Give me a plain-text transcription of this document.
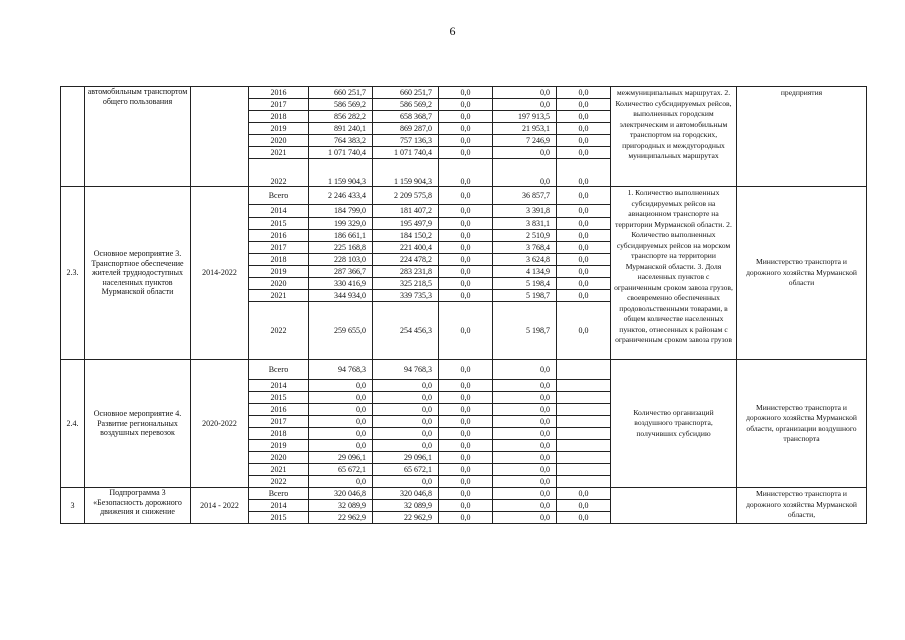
6
	автомобильным транспортом общего пользования		2016	660 251,7	660 251,7	0,0	0,0	0,0	межмуниципальных маршрутах. 2. Количество субсидируемых рейсов, выполненных городским электрическим и автомобильным транспортом на городских, пригородных и междугородных муниципальных маршрутах	предприятия
			2017	586 569,2	586 569,2	0,0	0,0	0,0		
			2018	856 282,2	658 368,7	0,0	197 913,5	0,0		
			2019	891 240,1	869 287,0	0,0	21 953,1	0,0		
			2020	764 383,2	757 136,3	0,0	7 246,9	0,0		
			2021	1 071 740,4	1 071 740,4	0,0	0,0	0,0		
			2022	1 159 904,3	1 159 904,3	0,0	0,0	0,0		
2.3.	Основное мероприятие 3. Транспортное обеспечение жителей труднодоступных населенных пунктов Мурманской области	2014-2022	Всего	2 246 433,4	2 209 575,8	0,0	36 857,7	0,0	1. Количество выполненных субсидируемых рейсов на авиационном транспорте на территории Мурманской области. 2. Количество выполненных субсидируемых рейсов на морском транспорте на территории Мурманской области. 3. Доля населенных пунктов с ограниченным сроком завоза грузов, своевременно обеспеченных продовольственными товарами, в общем количестве населенных пунктов, отнесенных к районам с ограниченным сроком завоза грузов	Министерство транспорта и дорожного хозяйства Мурманской области
			2014	184 799,0	181 407,2	0,0	3 391,8	0,0		
			2015	199 329,0	195 497,9	0,0	3 831,1	0,0		
			2016	186 661,1	184 150,2	0,0	2 510,9	0,0		
			2017	225 168,8	221 400,4	0,0	3 768,4	0,0		
			2018	228 103,0	224 478,2	0,0	3 624,8	0,0		
			2019	287 366,7	283 231,8	0,0	4 134,9	0,0		
			2020	330 416,9	325 218,5	0,0	5 198,4	0,0		
			2021	344 934,0	339 735,3	0,0	5 198,7	0,0		
			2022	259 655,0	254 456,3	0,0	5 198,7	0,0		
2.4.	Основное мероприятие 4. Развитие региональных воздушных перевозок	2020-2022	Всего	94 768,3	94 768,3	0,0	0,0		Количество организаций воздушного транспорта, получивших субсидию	Министерство транспорта и дорожного хозяйства Мурманской области, организации воздушного транспорта
			2014	0,0	0,0	0,0	0,0			
			2015	0,0	0,0	0,0	0,0			
			2016	0,0	0,0	0,0	0,0			
			2017	0,0	0,0	0,0	0,0			
			2018	0,0	0,0	0,0	0,0			
			2019	0,0	0,0	0,0	0,0			
			2020	29 096,1	29 096,1	0,0	0,0			
			2021	65 672,1	65 672,1	0,0	0,0			
			2022	0,0	0,0	0,0	0,0			
3	Подпрограмма 3 «Безопасность дорожного движения и снижение	2014 - 2022	Всего	320 046,8	320 046,8	0,0	0,0	0,0		Министерство транспорта и дорожного хозяйства Мурманской области,
			2014	32 089,9	32 089,9	0,0	0,0	0,0		
			2015	22 962,9	22 962,9	0,0	0,0	0,0		
